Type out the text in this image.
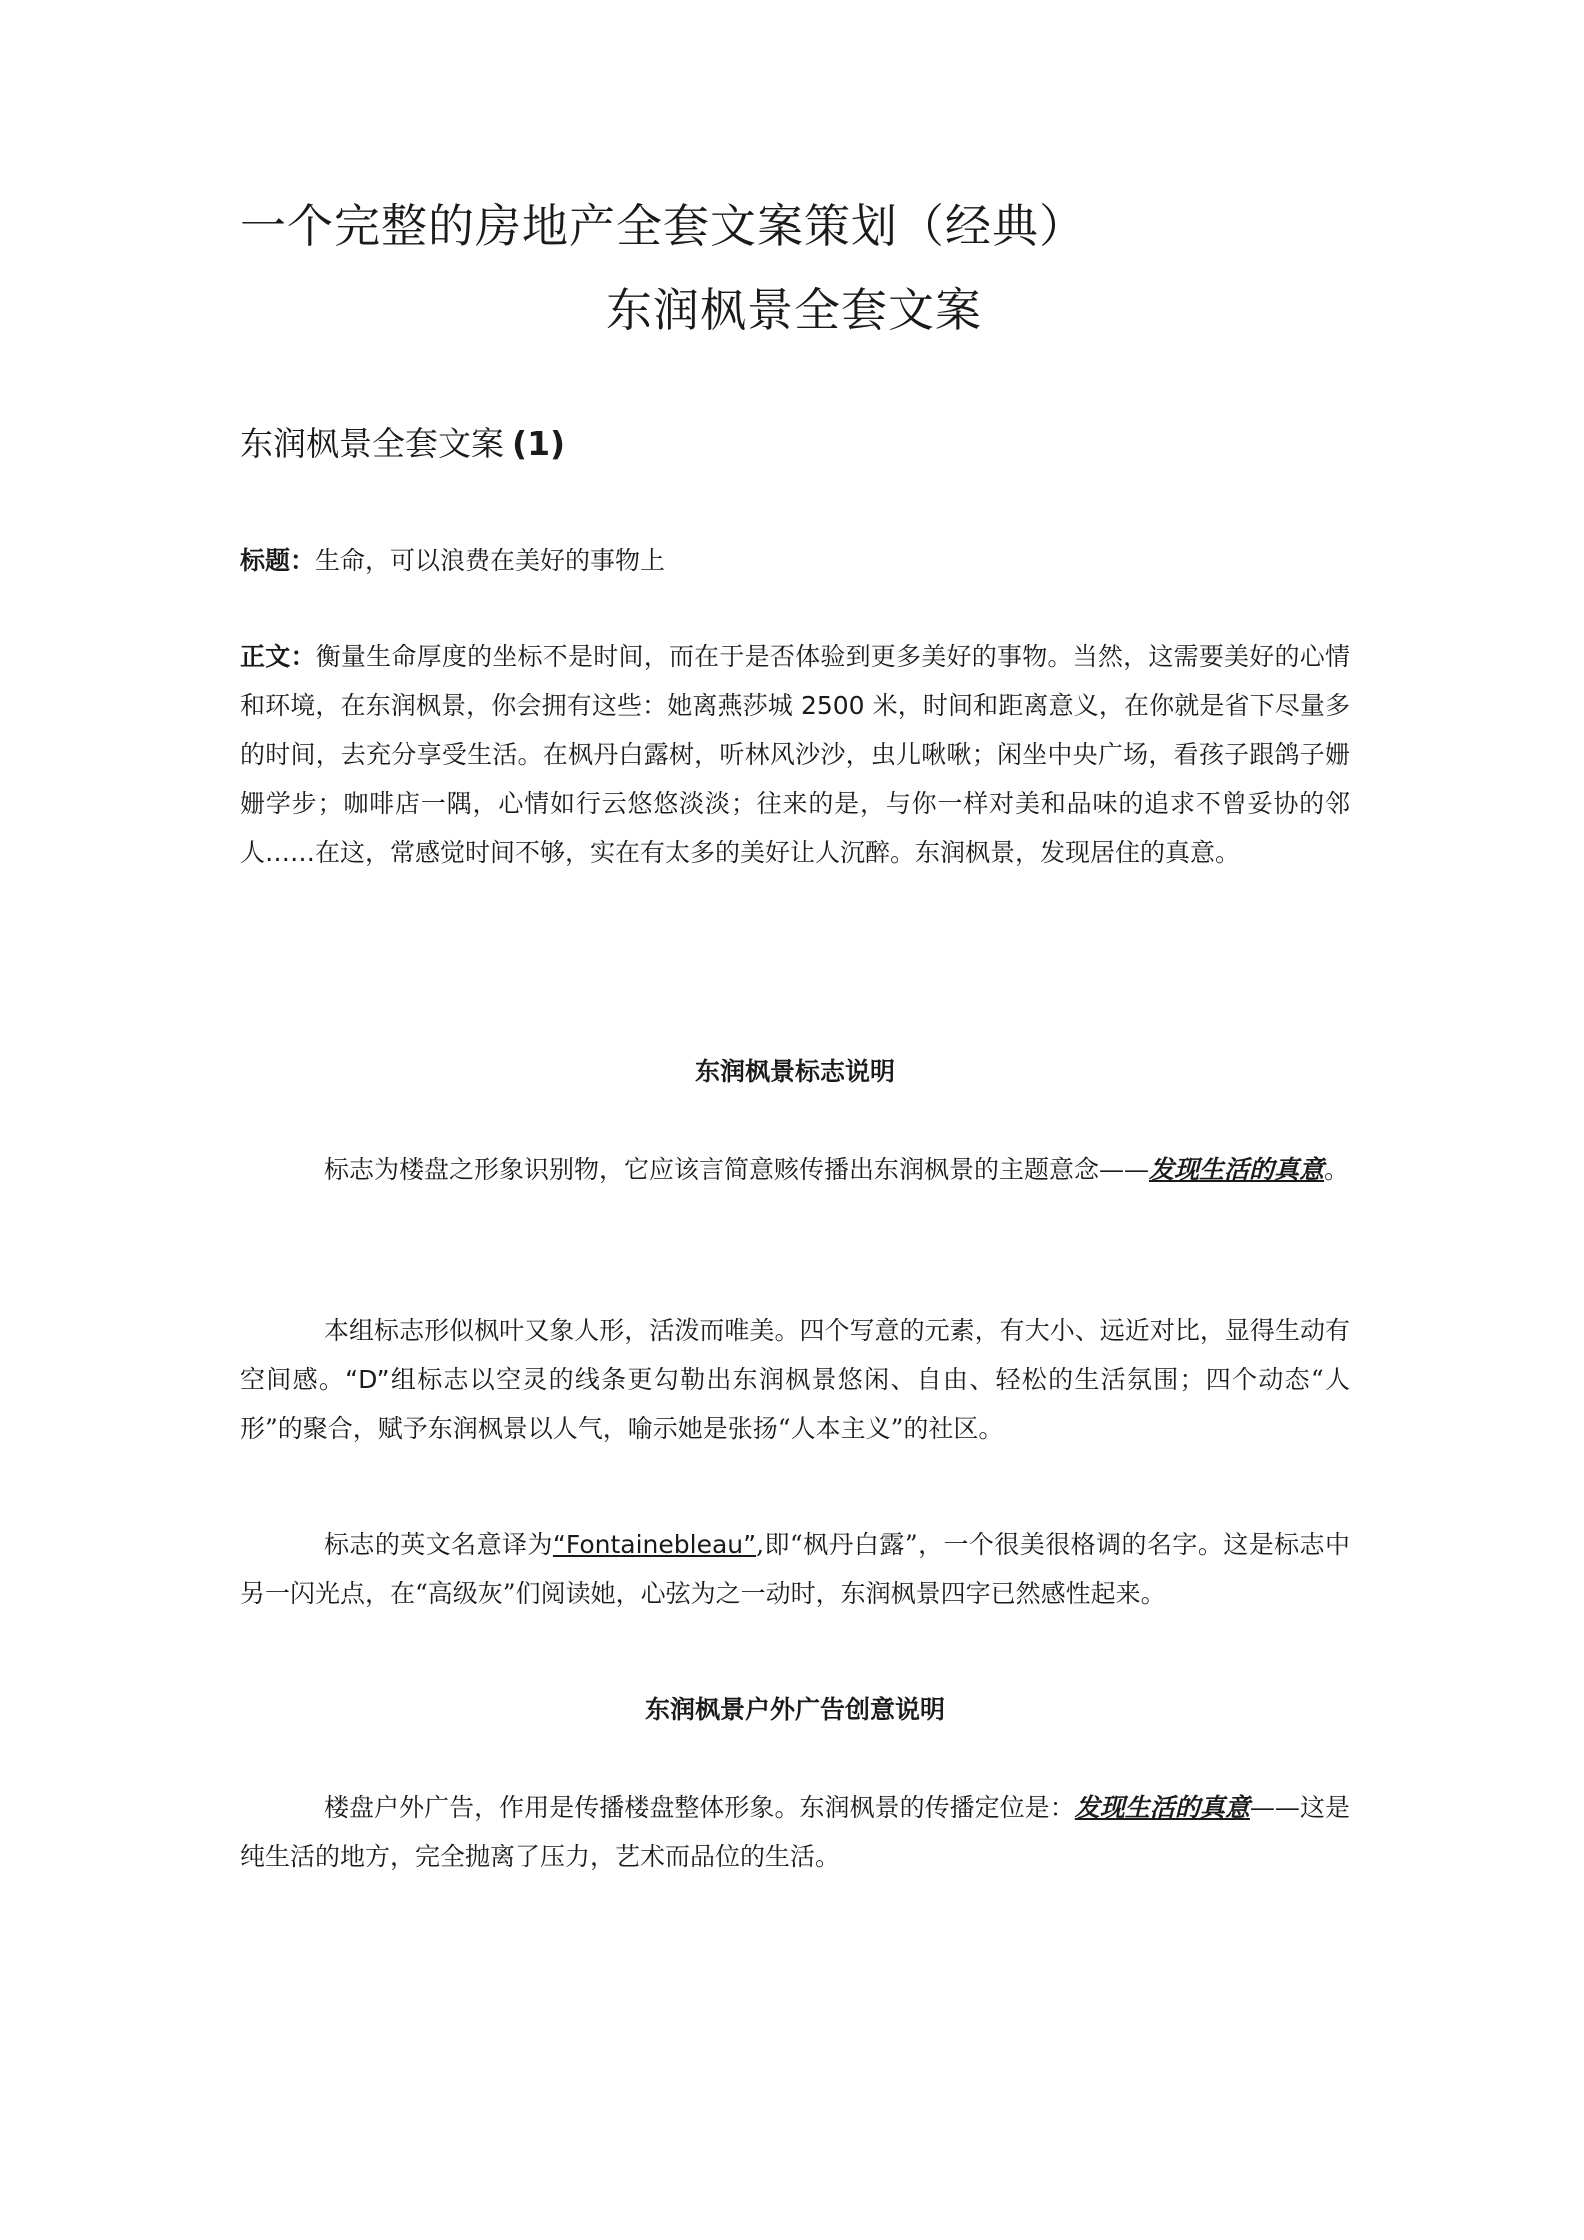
一个完整的房地产全套文案策划（经典）
东润枫景全套文案
东润枫景全套文案 (1)
标题：生命，可以浪费在美好的事物上
正文：衡量生命厚度的坐标不是时间，而在于是否体验到更多美好的事物。当然，这需要美好的心情和环境，在东润枫景，你会拥有这些：她离燕莎城 2500 米，时间和距离意义，在你就是省下尽量多的时间，去充分享受生活。在枫丹白露树，听林风沙沙，虫儿啾啾；闲坐中央广场，看孩子跟鸽子姗姗学步；咖啡店一隅，心情如行云悠悠淡淡；往来的是，与你一样对美和品味的追求不曾妥协的邻人……在这，常感觉时间不够，实在有太多的美好让人沉醉。东润枫景，发现居住的真意。
东润枫景标志说明
标志为楼盘之形象识别物，它应该言简意赅传播出东润枫景的主题意念——发现生活的真意。
本组标志形似枫叶又象人形，活泼而唯美。四个写意的元素，有大小、远近对比，显得生动有空间感。“D”组标志以空灵的线条更勾勒出东润枫景悠闲、自由、轻松的生活氛围；四个动态“人形”的聚合，赋予东润枫景以人气，喻示她是张扬“人本主义”的社区。
标志的英文名意译为“Fontainebleau”,即“枫丹白露”，一个很美很格调的名字。这是标志中另一闪光点，在“高级灰”们阅读她，心弦为之一动时，东润枫景四字已然感性起来。
东润枫景户外广告创意说明
楼盘户外广告，作用是传播楼盘整体形象。东润枫景的传播定位是：发现生活的真意——这是纯生活的地方，完全抛离了压力，艺术而品位的生活。
